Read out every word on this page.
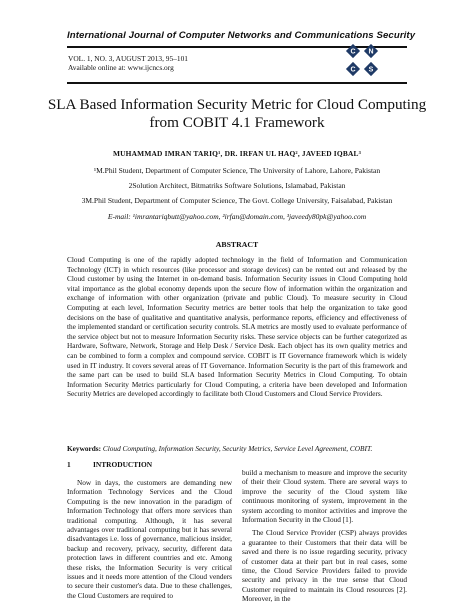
International Journal of Computer Networks and Communications Security
VOL. 1, NO. 3, AUGUST 2013, 95–101
Available online at: www.ijcncs.org
C N
C S
SLA Based Information Security Metric for Cloud Computing
from COBIT 4.1 Framework
MUHAMMAD IMRAN TARIQ¹, DR. IRFAN UL HAQ², JAVEED IQBAL³
¹M.Phil Student, Department of Computer Science, The University of Lahore, Lahore, Pakistan
2Solution Architect, Bitmatriks Software Solutions, Islamabad, Pakistan
3M.Phil Student, Department of Computer Science, The Govt. College University, Faisalabad, Pakistan
E-mail: ¹imrantariqbutt@yahoo.com, ²irfan@domain.com, ³javeedy80pk@yahoo.com
ABSTRACT
Cloud Computing is one of the rapidly adopted technology in the field of Information and Communication Technology (ICT) in which resources (like processor and storage devices) can be rented out and released by the Cloud customer by using the Internet in on-demand basis. Information Security issues in Cloud Computing hold vital importance as the global economy depends upon the secure flow of information within the organization and exchange of information with other organization (private and public Cloud). To measure security in Cloud Computing at each level, Information Security metrics are better tools that help the organization to take good decisions on the base of qualitative and quantitative analysis, performance reports, efficiency and effectiveness of the implemented standard or certification security controls. SLA metrics are mostly used to evaluate performance of the service object but not to measure Information Security risks. These service objects can be further categorized as Hardware, Software, Network, Storage and Help Desk / Service Desk. Each object has its own quality metrics and can be combined to form a complex and compound service. COBIT is IT Governance framework which is widely used in IT industry. It covers several areas of IT Governance. Information Security is the part of this framework and the same part can be used to build SLA based Information Security Metrics in Cloud Computing. To obtain Information Security Metrics particularly for Cloud Computing, a criteria have been developed and Information Security Metrics are developed accordingly to facilitate both Cloud Customers and Cloud Service Providers.
Keywords: Cloud Computing, Information Security, Security Metrics, Service Level Agreement, COBIT.
1	INTRODUCTION

Now in days, the customers are demanding new Information Technology Services and the Cloud Computing is the new innovation in the paradigm of Information Technology that offers more services than traditional computing. Although, it has several advantages over traditional computing but it has several disadvantages i.e. loss of governance, malicious insider, backup and recovery, privacy, security, different data protection laws in different countries and etc. Among these risks, the Information Security is very critical issues and it needs more attention of the Cloud venders to secure their customer's data. Due to these challenges, the Cloud Customers are required to

build a mechanism to measure and improve the security of their their Cloud system. There are several ways to improve the security of the Cloud system like continuous monitoring of system, improvement in the system according to monitor activities and improve the Information Security in the Cloud [1].

The Cloud Service Provider (CSP) always provides a guarantee to their Customers that their data will be saved and there is no issue regarding security, privacy of customer data at their part but in real cases, some time, the Cloud Service Providers failed to provide security and privacy in the true sense that Cloud Customer required to maintain its Cloud resources [2]. Moreover, in the
